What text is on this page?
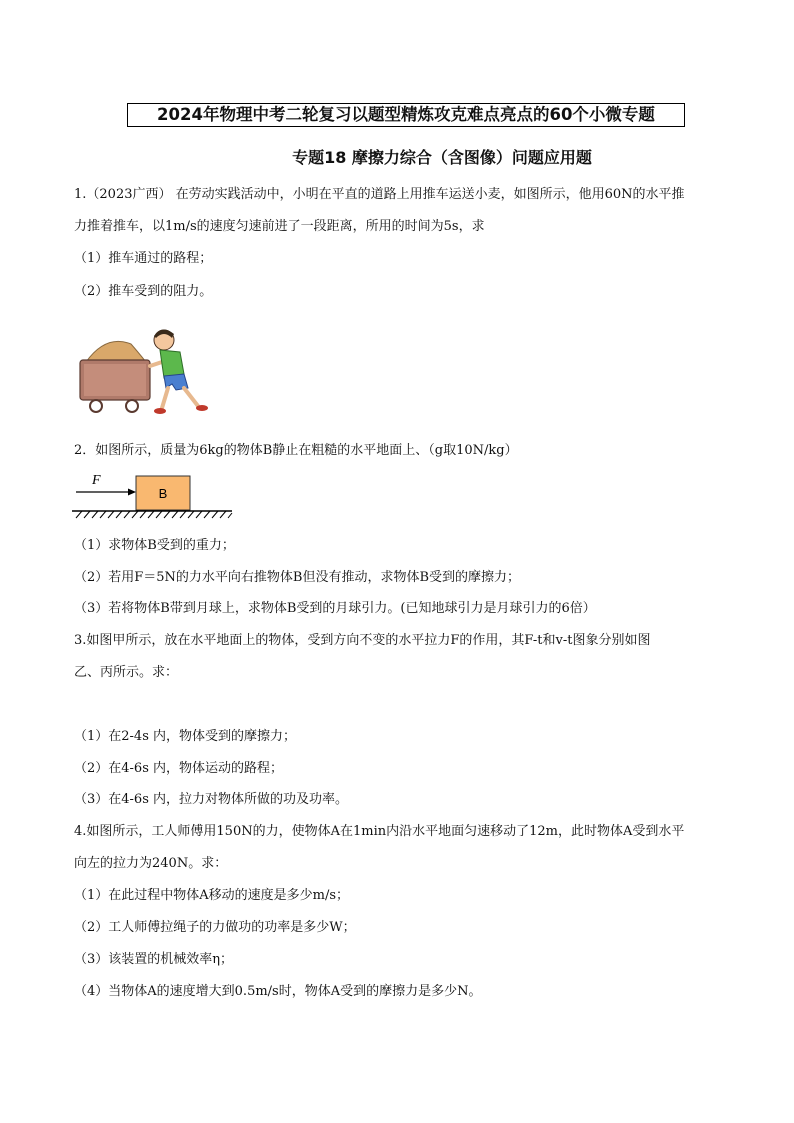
2024年物理中考二轮复习以题型精炼攻克难点亮点的60个小微专题
专题18 摩擦力综合（含图像）问题应用题
1.（2023广西） 在劳动实践活动中，小明在平直的道路上用推车运送小麦，如图所示，他用60N的水平推
力推着推车，以1m/s的速度匀速前进了一段距离，所用的时间为5s，求
（1）推车通过的路程；
（2）推车受到的阻力。
2．如图所示，质量为6kg的物体B静止在粗糙的水平地面上、（g取10N/kg）
B
F
（1）求物体B受到的重力；
（2）若用F＝5N的力水平向右推物体B但没有推动，求物体B受到的摩擦力；
（3）若将物体B带到月球上，求物体B受到的月球引力。(已知地球引力是月球引力的6倍）
3.如图甲所示，放在水平地面上的物体，受到方向不变的水平拉力F的作用，其F-t和v-t图象分别如图
乙、丙所示。求：
（1）在2-4s 内，物体受到的摩擦力；
（2）在4-6s 内，物体运动的路程；
（3）在4-6s 内，拉力对物体所做的功及功率。
4.如图所示，工人师傅用150N的力，使物体A在1min内沿水平地面匀速移动了12m，此时物体A受到水平
向左的拉力为240N。求：
（1）在此过程中物体A移动的速度是多少m/s；
（2）工人师傅拉绳子的力做功的功率是多少W；
（3）该装置的机械效率η；
（4）当物体A的速度增大到0.5m/s时，物体A受到的摩擦力是多少N。
